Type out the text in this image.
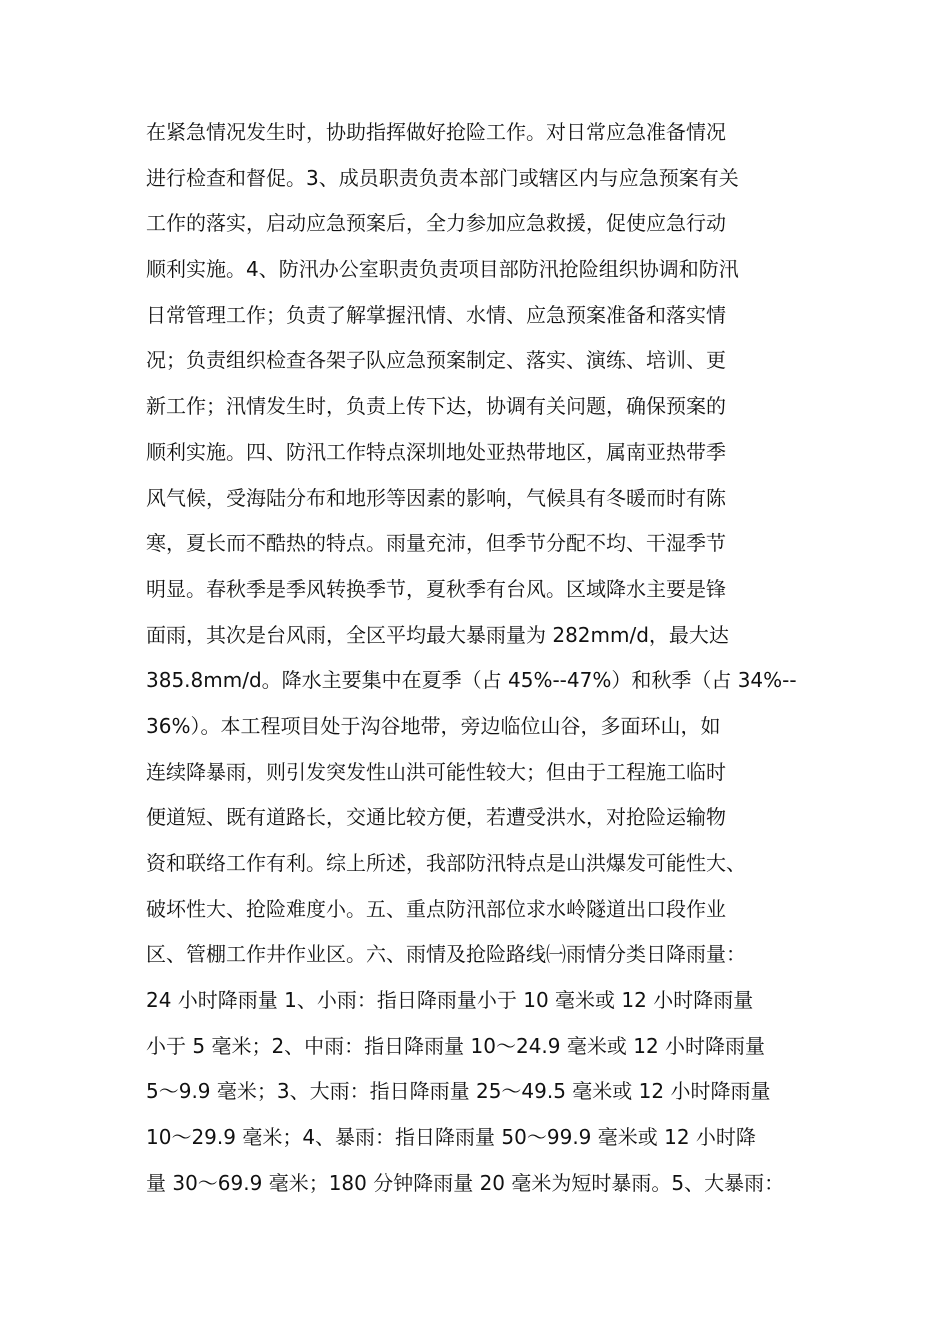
在紧急情况发生时，协助指挥做好抢险工作。对日常应急准备情况
进行检查和督促。3、成员职责负责本部门或辖区内与应急预案有关
工作的落实，启动应急预案后，全力参加应急救援，促使应急行动
顺利实施。4、防汛办公室职责负责项目部防汛抢险组织协调和防汛
日常管理工作；负责了解掌握汛情、水情、应急预案准备和落实情
况；负责组织检查各架子队应急预案制定、落实、演练、培训、更
新工作；汛情发生时，负责上传下达，协调有关问题，确保预案的
顺利实施。四、防汛工作特点深圳地处亚热带地区，属南亚热带季
风气候，受海陆分布和地形等因素的影响，气候具有冬暖而时有陈
寒，夏长而不酷热的特点。雨量充沛，但季节分配不均、干湿季节
明显。春秋季是季风转换季节，夏秋季有台风。区域降水主要是锋
面雨，其次是台风雨，全区平均最大暴雨量为 282mm/d，最大达
385.8mm/d。降水主要集中在夏季（占 45%--47%）和秋季（占 34%--
36%）。本工程项目处于沟谷地带，旁边临位山谷，多面环山，如
连续降暴雨，则引发突发性山洪可能性较大；但由于工程施工临时
便道短、既有道路长，交通比较方便，若遭受洪水，对抢险运输物
资和联络工作有利。综上所述，我部防汛特点是山洪爆发可能性大、
破坏性大、抢险难度小。五、重点防汛部位求水岭隧道出口段作业
区、管棚工作井作业区。六、雨情及抢险路线㈠雨情分类日降雨量：
24 小时降雨量 1、小雨：指日降雨量小于 10 毫米或 12 小时降雨量
小于 5 毫米；2、中雨：指日降雨量 10～24.9 毫米或 12 小时降雨量
5～9.9 毫米；3、大雨：指日降雨量 25～49.5 毫米或 12 小时降雨量
10～29.9 毫米；4、暴雨：指日降雨量 50～99.9 毫米或 12 小时降
量 30～69.9 毫米；180 分钟降雨量 20 毫米为短时暴雨。5、大暴雨：
